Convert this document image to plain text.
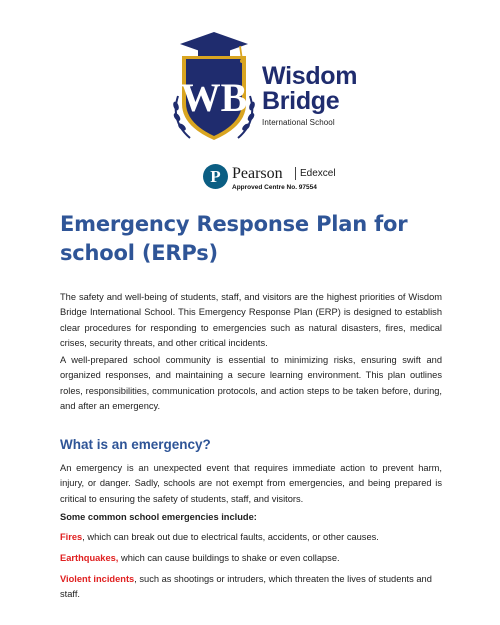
WB Wisdom
Bridge
International School
P Pearson Edexcel
Approved Centre No. 97554
Emergency Response Plan for school (ERPs)

The safety and well-being of students, staff, and visitors are the highest priorities of Wisdom Bridge International School. This Emergency Response Plan (ERP) is designed to establish clear procedures for responding to emergencies such as natural disasters, fires, medical crises, security threats, and other critical incidents.

A well-prepared school community is essential to minimizing risks, ensuring swift and organized responses, and maintaining a secure learning environment. This plan outlines roles, responsibilities, communication protocols, and action steps to be taken before, during, and after an emergency.

What is an emergency?

An emergency is an unexpected event that requires immediate action to prevent harm, injury, or danger. Sadly, schools are not exempt from emergencies, and being prepared is critical to ensuring the safety of students, staff, and visitors.

Some common school emergencies include:

Fires, which can break out due to electrical faults, accidents, or other causes.

Earthquakes, which can cause buildings to shake or even collapse.

Violent incidents, such as shootings or intruders, which threaten the lives of students and staff.
